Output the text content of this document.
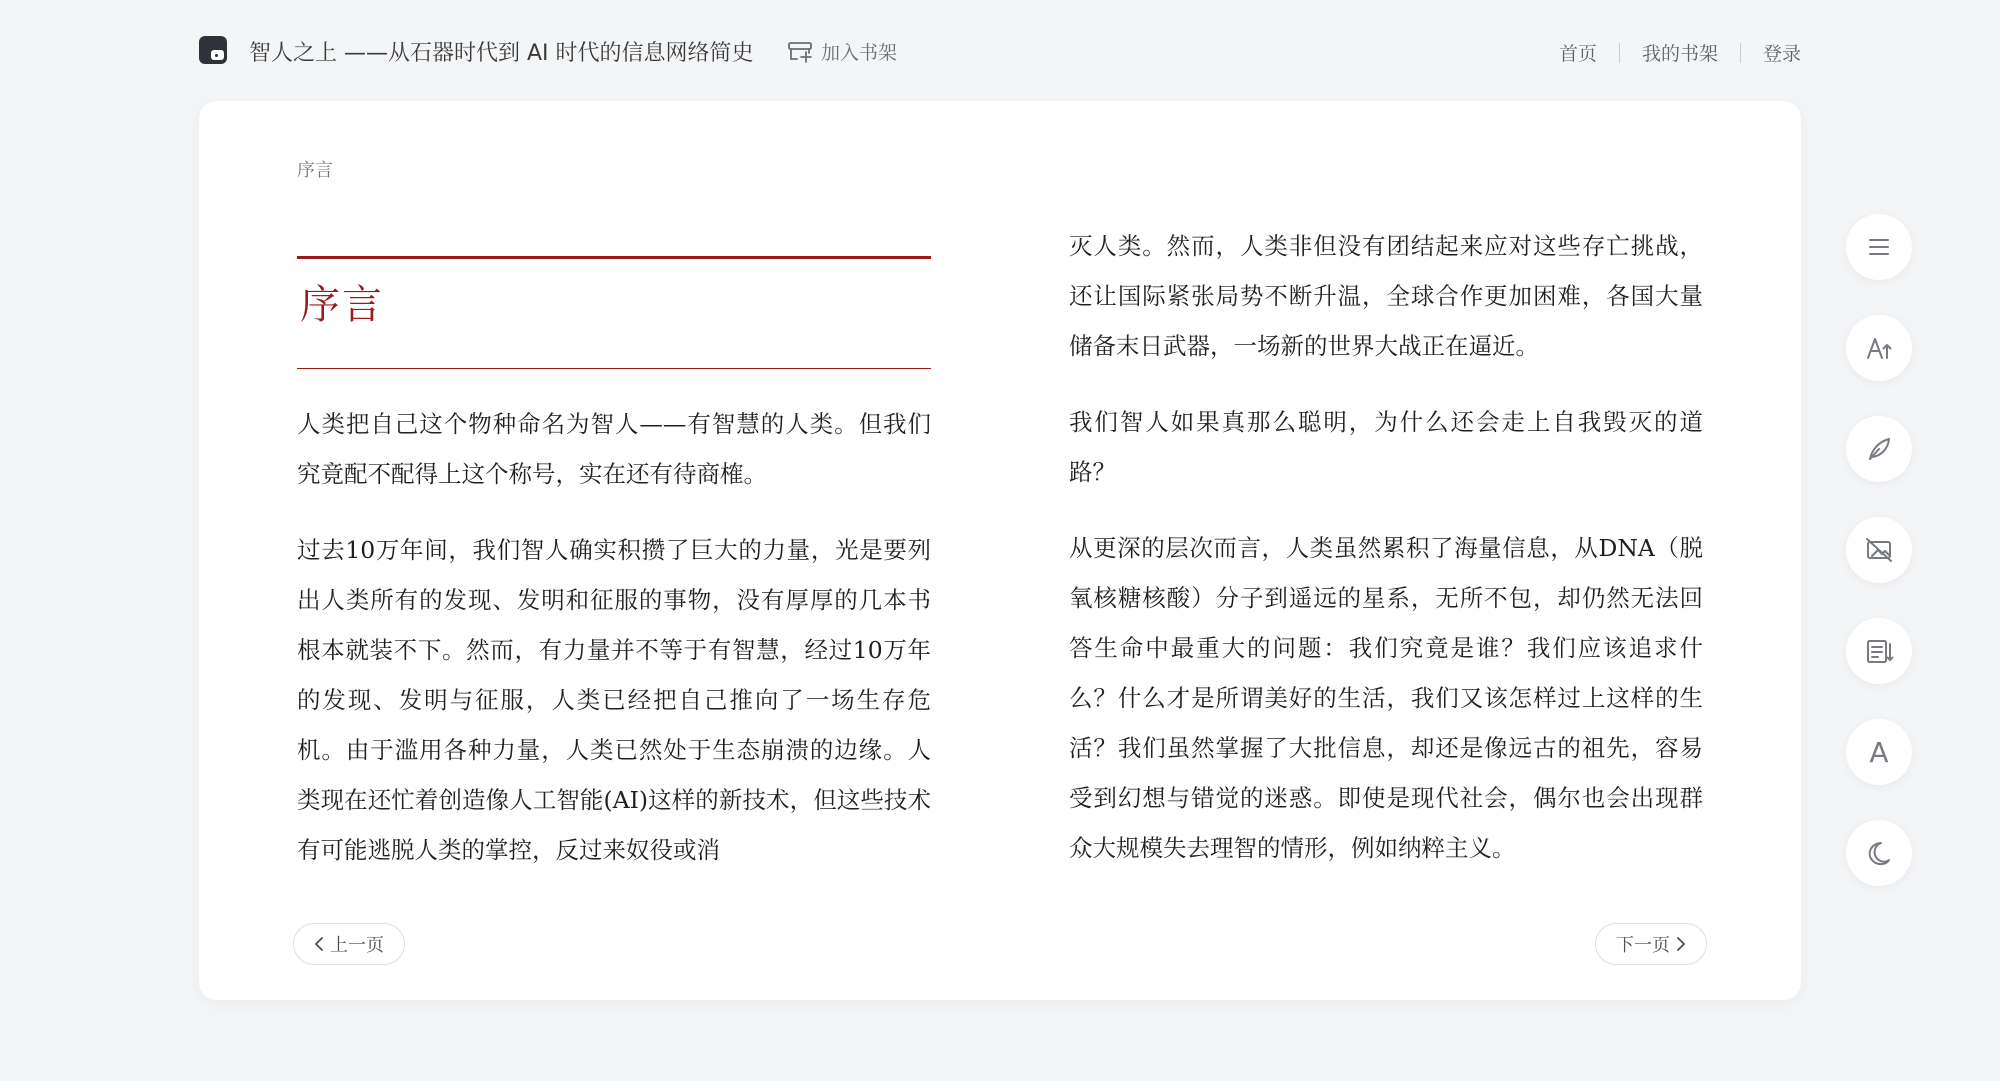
智人之上 ——从石器时代到 AI 时代的信息网络简史	加入书架	首页 我的书架 登录
序言
序言

人类把自己这个物种命名为智人——有智慧的人类。但我们究竟配不配得上这个称号，实在还有待商榷。

过去10万年间，我们智人确实积攒了巨大的力量，光是要列出人类所有的发现、发明和征服的事物，没有厚厚的几本书根本就装不下。然而，有力量并不等于有智慧，经过10万年的发现、发明与征服，人类已经把自己推向了一场生存危机。由于滥用各种力量，人类已然处于生态崩溃的边缘。人类现在还忙着创造像人工智能(AI)这样的新技术，但这些技术有可能逃脱人类的掌控，反过来奴役或消

灭人类。然而，人类非但没有团结起来应对这些存亡挑战，还让国际紧张局势不断升温，全球合作更加困难，各国大量储备末日武器，一场新的世界大战正在逼近。

我们智人如果真那么聪明，为什么还会走上自我毁灭的道路？

从更深的层次而言，人类虽然累积了海量信息，从DNA（脱氧核糖核酸）分子到遥远的星系，无所不包，却仍然无法回答生命中最重大的问题：我们究竟是谁？我们应该追求什么？什么才是所谓美好的生活，我们又该怎样过上这样的生活？我们虽然掌握了大批信息，却还是像远古的祖先，容易受到幻想与错觉的迷惑。即使是现代社会，偶尔也会出现群众大规模失去理智的情形，例如纳粹主义。

上一页	下一页
A
